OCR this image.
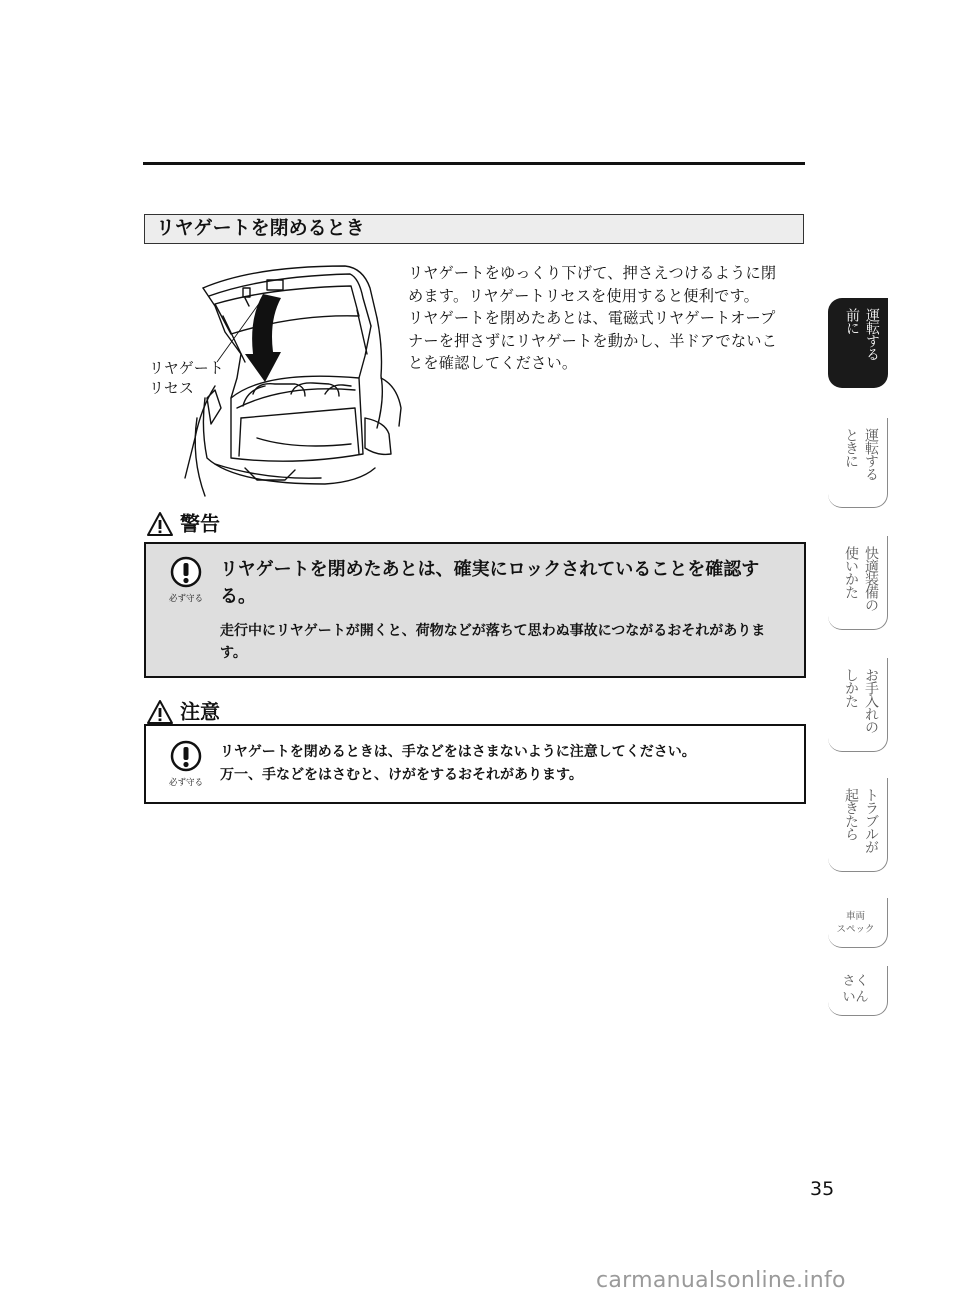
リヤゲートを閉めるとき
リヤゲート
リセス

リヤゲートをゆっくり下げて、押さえつけるように閉

めます。リヤゲートリセスを使用すると便利です。

リヤゲートを閉めたあとは、電磁式リヤゲートオープ

ナーを押さずにリヤゲートを動かし、半ドアでないこ

とを確認してください。

警告
必ず守る
リヤゲートを閉めたあとは、確実にロックされていることを確認する。
走行中にリヤゲートが開くと、荷物などが落ちて思わぬ事故につながるおそれがあります。
注意
必ず守る
リヤゲートを閉めるときは、手などをはさまないように注意してください。
万一、手などをはさむと、けがをするおそれがあります。
運転する
前に
運転する
ときに
快適装備の
使いかた
お手入れの
しかた
トラブルが
起きたら
車両
スペック
さく
いん
35
carmanualsonline.info
